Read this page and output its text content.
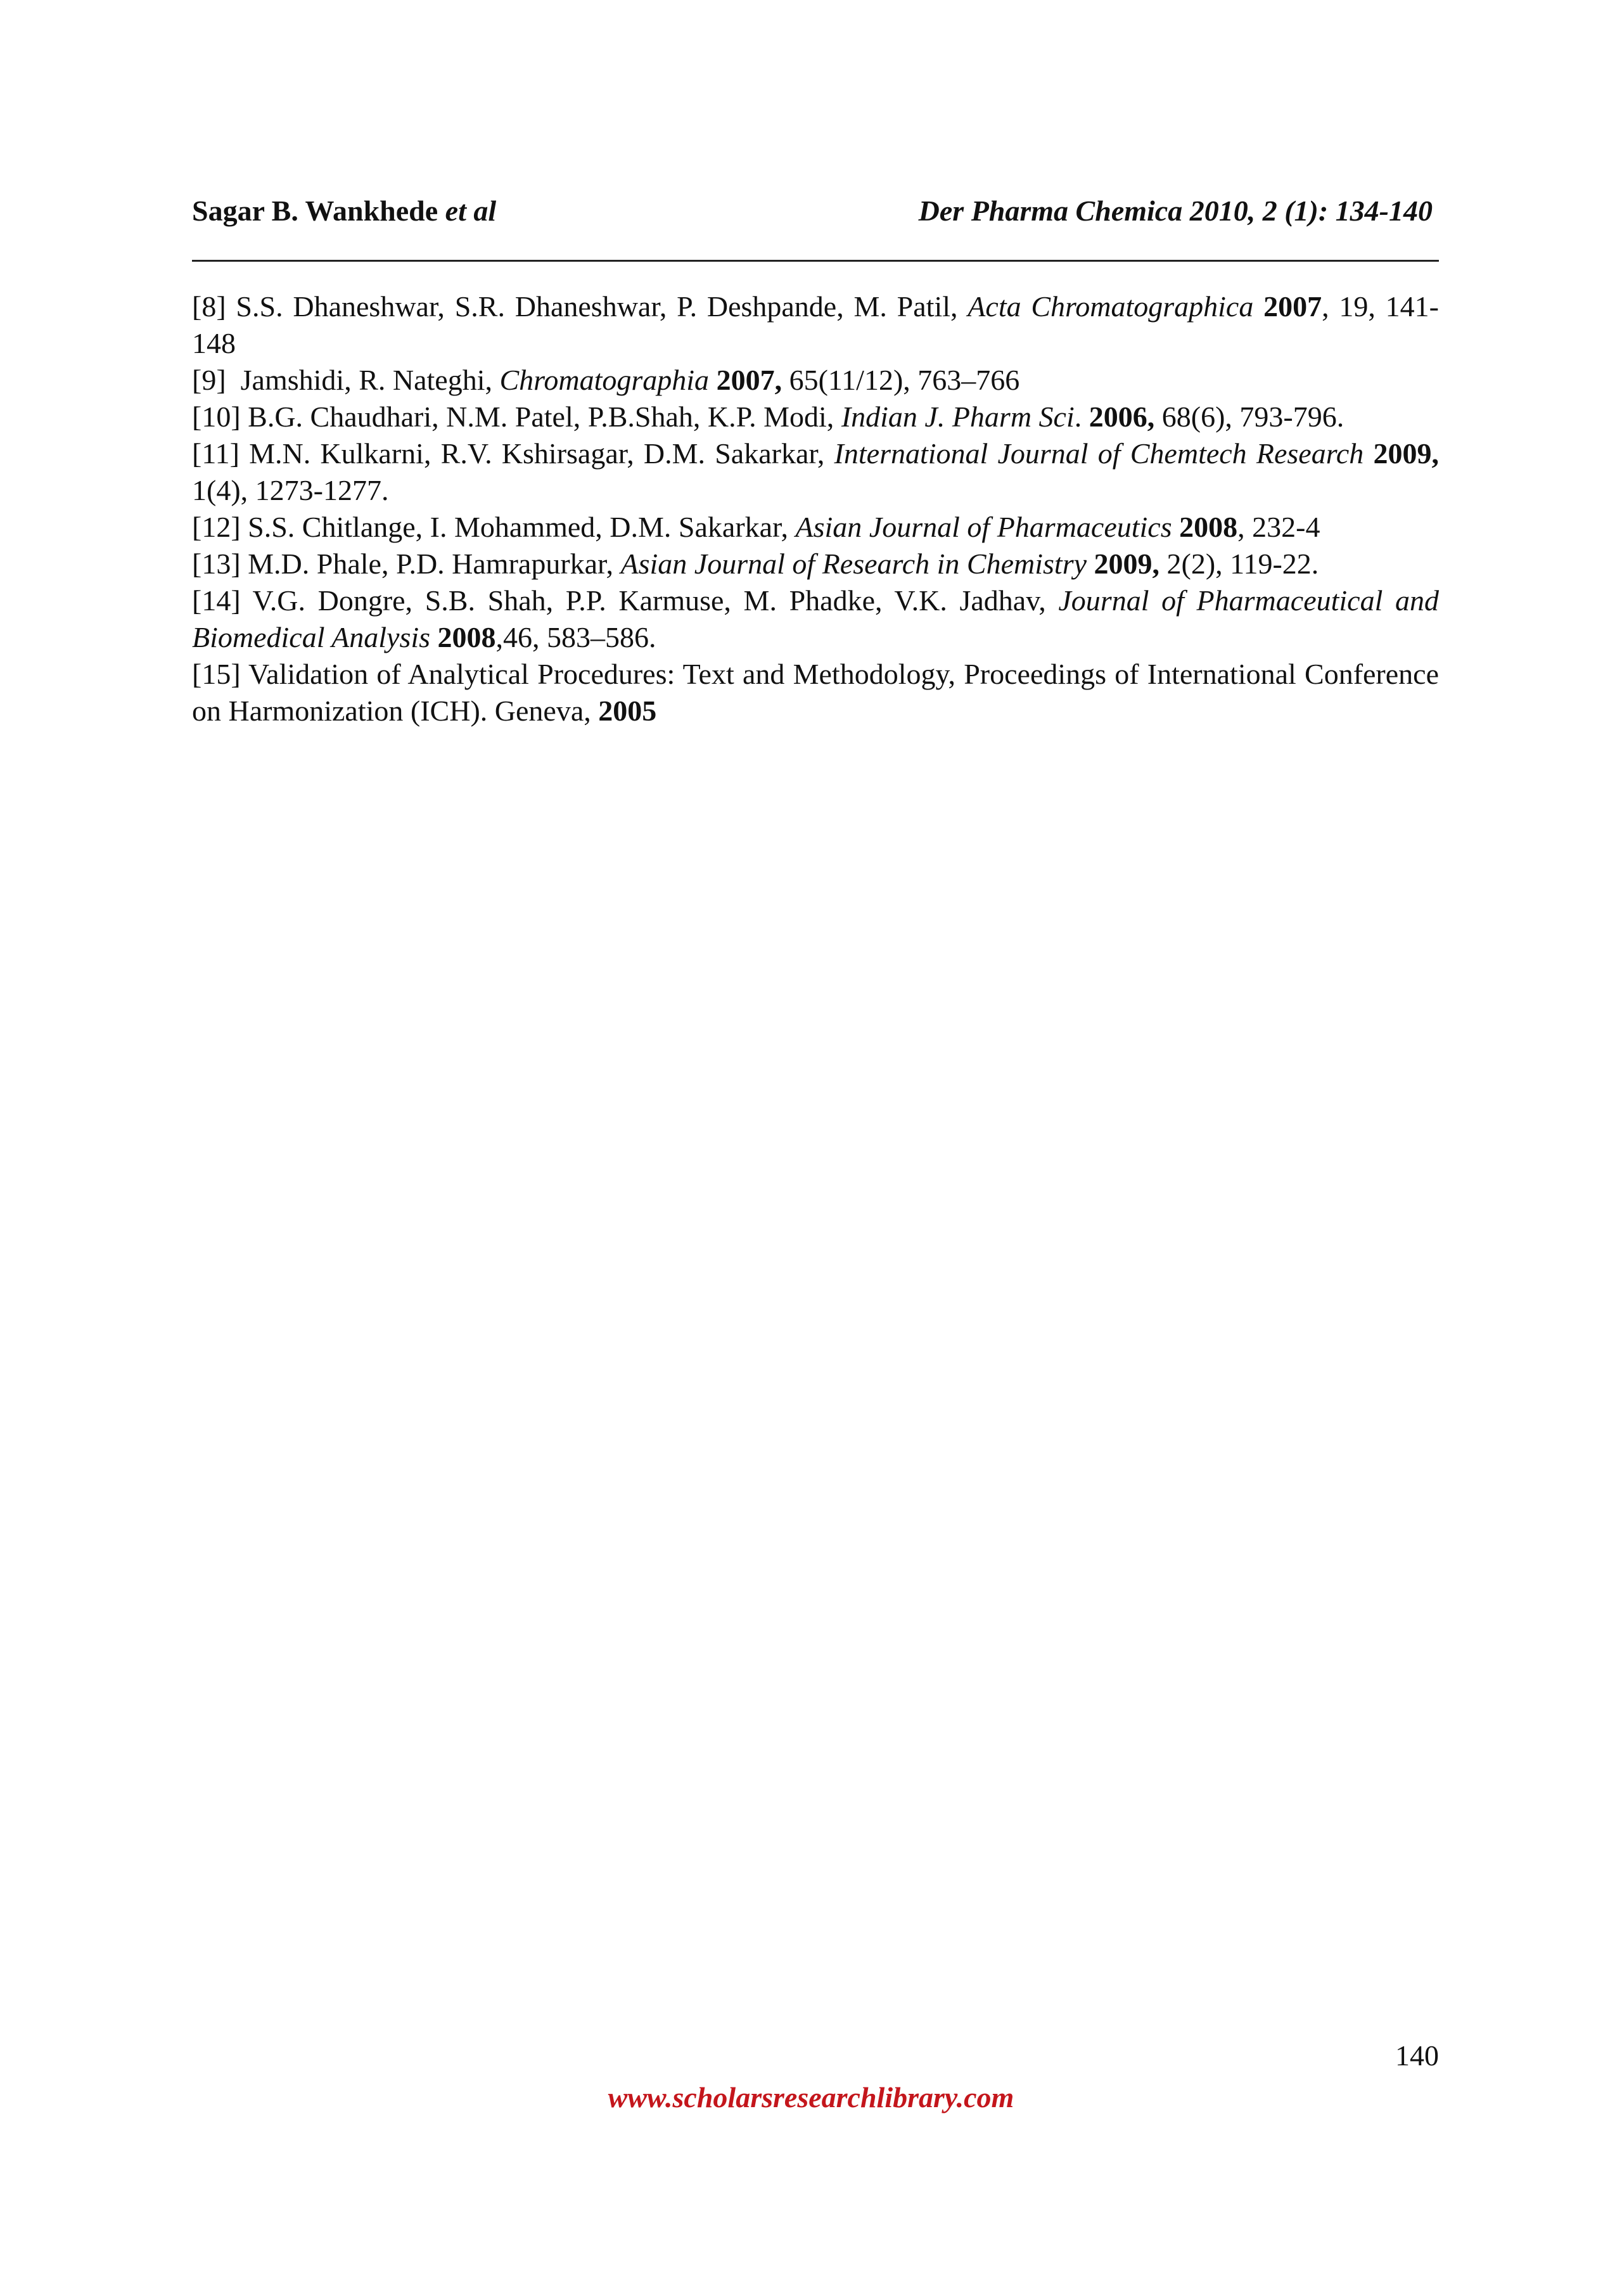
Sagar B. Wankhede et al	Der Pharma Chemica 2010, 2 (1): 134-140

[8] S.S. Dhaneshwar, S.R. Dhaneshwar, P. Deshpande, M. Patil, Acta Chromatographica 2007, 19, 141-148

[9] Jamshidi, R. Nateghi, Chromatographia 2007, 65(11/12), 763–766

[10] B.G. Chaudhari, N.M. Patel, P.B.Shah, K.P. Modi, Indian J. Pharm Sci. 2006, 68(6), 793-796.

[11] M.N. Kulkarni, R.V. Kshirsagar, D.M. Sakarkar, International Journal of Chemtech Research 2009, 1(4), 1273-1277.

[12] S.S. Chitlange, I. Mohammed, D.M. Sakarkar, Asian Journal of Pharmaceutics 2008, 232-4

[13] M.D. Phale, P.D. Hamrapurkar, Asian Journal of Research in Chemistry 2009, 2(2), 119-22.

[14] V.G. Dongre, S.B. Shah, P.P. Karmuse, M. Phadke, V.K. Jadhav, Journal of Pharmaceutical and Biomedical Analysis 2008,46, 583–586.

[15] Validation of Analytical Procedures: Text and Methodology, Proceedings of International Conference on Harmonization (ICH). Geneva, 2005

140
www.scholarsresearchlibrary.com
